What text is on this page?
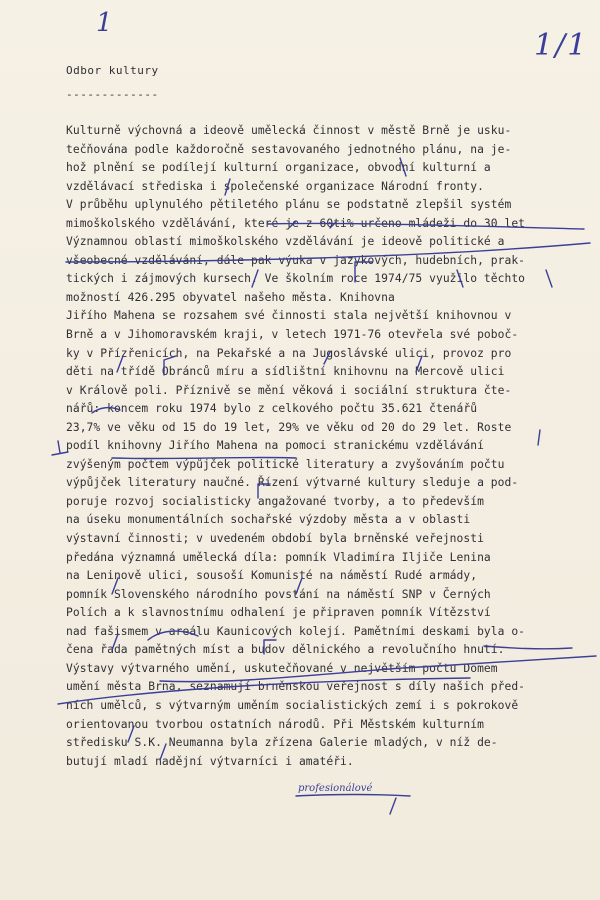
1
1/1
Odbor kultury
-------------
Kulturně výchovná a ideově umělecká činnost v městě Brně je usku-
tečňována podle každoročně sestavovaného jednotného plánu, na je-
hož plnění se podílejí kulturní organizace, obvodní kulturní a
vzdělávací střediska i společenské organizace Národní fronty.
V průběhu uplynulého pětiletého plánu se podstatně zlepšil systém
mimoškolského vzdělávání, které je z 60ti% určeno mládeži do 30 let
Významnou oblastí mimoškolského vzdělávání je ideově politické a
všeobecné vzdělávání, dále pak výuka v jazykových, hudebních, prak-
tických i zájmových kursech. Ve školním roce 1974/75 využilo těchto
možností 426.295 obyvatel našeho města. Knihovna
Jiřího Mahena se rozsahem své činnosti stala největší knihovnou v
Brně a v Jihomoravském kraji, v letech 1971-76 otevřela své poboč-
ky v Přízřenicích, na Pekařské a na Jugoslávské ulici, provoz pro
děti na třídě Obránců míru a sídlištní knihovnu na Mercově ulici
v Králově poli. Příznivě se mění věková i sociální struktura čte-
nářů: koncem roku 1974 bylo z celkového počtu 35.621 čtenářů
23,7% ve věku od 15 do 19 let, 29% ve věku od 20 do 29 let. Roste
podíl knihovny Jiřího Mahena na pomoci stranickému vzdělávání
zvýšeným počtem výpůjček politické literatury a zvyšováním počtu
výpůjček literatury naučné. Řízení výtvarné kultury sleduje a pod-
poruje rozvoj socialisticky angažované tvorby, a to především
na úseku monumentálních sochařské výzdoby města a v oblasti
výstavní činnosti; v uvedeném období byla brněnské veřejnosti
předána významná umělecká díla: pomník Vladimíra Iljiče Lenina
na Leninově ulici, sousoší Komunisté na náměstí Rudé armády,
pomník Slovenského národního povstání na náměstí SNP v Černých
Polích a k slavnostnímu odhalení je připraven pomník Vítězství
nad fašismem v areálu Kaunicových kolejí. Pamětními deskami byla o-
čena řada pamětných míst a budov dělnického a revolučního hnutí.
Výstavy výtvarného umění, uskutečňované v největším počtu Domem
umění města Brna, seznamují brněnskou veřejnost s díly našich před-
ních umělců, s výtvarným uměním socialistických zemí i s pokrokově
orientovanou tvorbou ostatních národů. Při Městském kulturním
středisku S.K. Neumanna byla zřízena Galerie mladých, v níž de-
butují mladí nadějní výtvarníci i amatéři.
profesionálové
